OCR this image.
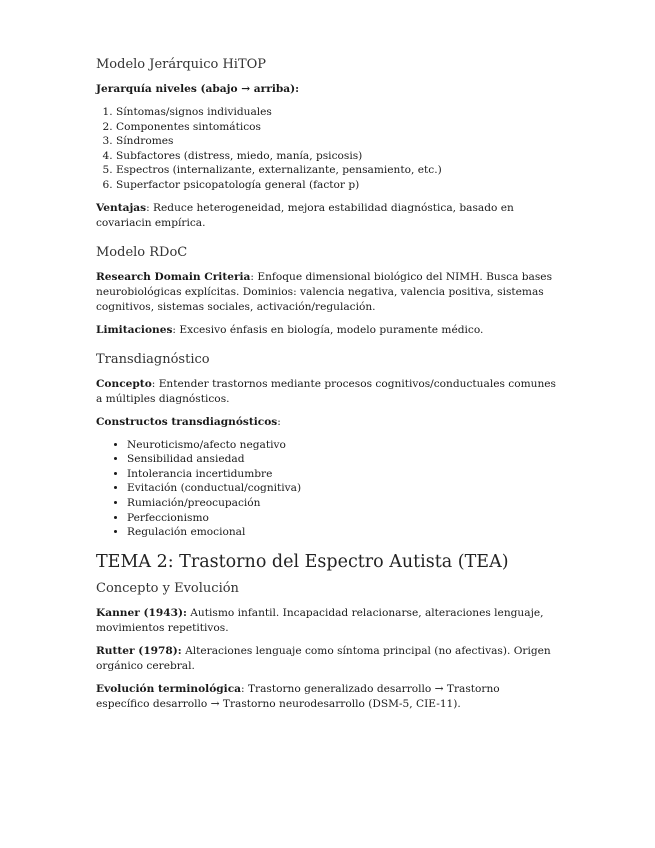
Modelo Jerárquico HiTOP

Jerarquía niveles (abajo → arriba):

1. Síntomas/signos individuales
2. Componentes sintomáticos
3. Síndromes
4. Subfactores (distress, miedo, manía, psicosis)
5. Espectros (internalizante, externalizante, pensamiento, etc.)
6. Superfactor psicopatología general (factor p)

Ventajas: Reduce heterogeneidad, mejora estabilidad diagnóstica, basado en covariacin empírica.

Modelo RDoC

Research Domain Criteria: Enfoque dimensional biológico del NIMH. Busca bases neurobiológicas explícitas. Dominios: valencia negativa, valencia positiva, sistemas cognitivos, sistemas sociales, activación/regulación.

Limitaciones: Excesivo énfasis en biología, modelo puramente médico.

Transdiagnóstico

Concepto: Entender trastornos mediante procesos cognitivos/conductuales comunes a múltiples diagnósticos.

Constructos transdiagnósticos:

• Neuroticismo/afecto negativo
• Sensibilidad ansiedad
• Intolerancia incertidumbre
• Evitación (conductual/cognitiva)
• Rumiación/preocupación
• Perfeccionismo
• Regulación emocional
TEMA 2: Trastorno del Espectro Autista (TEA)
Concepto y Evolución

Kanner (1943): Autismo infantil. Incapacidad relacionarse, alteraciones lenguaje, movimientos repetitivos.

Rutter (1978): Alteraciones lenguaje como síntoma principal (no afectivas). Origen orgánico cerebral.

Evolución terminológica: Trastorno generalizado desarrollo → Trastorno específico desarrollo → Trastorno neurodesarrollo (DSM-5, CIE-11).
